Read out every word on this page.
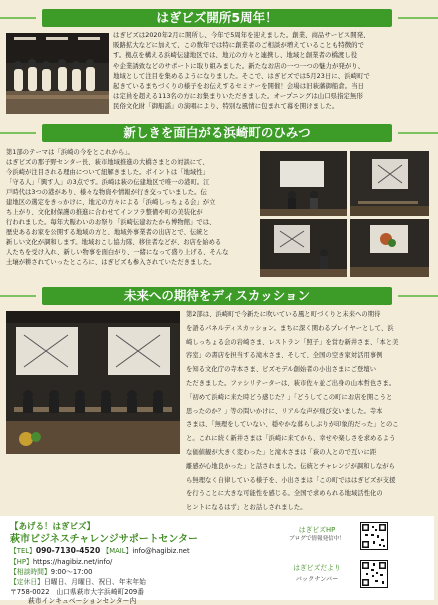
はぎビズ開所5周年！
はぎビズは2020年2月に開所し、今年で5周年を迎えました。創業、商品サービス開発、
販路拡大などに加えて、この数年では特に創業者のご相談が増えていることも特徴的で
す。拠点を構える浜崎伝建地区では、地元の方々と連携し、地域と創業者の橋渡し役
や企業誘致などのサポートに取り組みました。新たなお店の一つ一つの魅力が発がり、
地域として注目を集めるようになりました。そこで、はぎビズでは5月23日に、浜崎町で
起きているまちづくりの様子をお伝えするセミナーを開催！会場は旧萩藩御船倉。当日
は定員を超える113名の方にお集まりいただきました。オープニングは山口県指定無形
民俗文化財「御船謡」の演唱により、特別な風情に包まれて幕を開けました。
新しきを面白がる浜崎町のひみつ
第1部のテーマは「浜崎の今をとこれから」。
はぎビズの那子野センター長、萩市地域推進の大橋さまとの対談にて、
今浜崎が注目される理由について紐解きました。ポイントは「地域性」
「守る人」「興す人」の3点です。浜崎は萩の伝建地区で唯一の港町。江
戸時代は3つの港があり、様々な物資や情報が行き交っていました。伝
建地区の選定をきっかけに、地元の方々による「浜崎しっちょる会」が立
ち上がり、文化財保護の推進に合わせてインフラ整備や町の美装化が
行われました。毎年大賑わいのお祭り「浜崎伝建おたから博物館」では、
歴史あるお家を公開する地域の方と、地域外事業者の出店とで、伝統と
新しい文化が調和します。地域おこし協力隊、移住者などが、お店を始める
人たちを受け入れ、新しい物事を面白がり、一緒になって盛り上げる、そんな
土壌が耕されていったところに、はぎビズも参入されていただきました。
未来への期待をディスカッション
第2部は、浜崎町で今新たに吹いている風と町づくりと未来への期待
を語るパネルディスカッション。まちに深く関わるプレイヤーとして、浜
崎しっちょる会の岩崎さま、レストラン「照子」を営む新井さま、「本と美
容室」の書店を担当する滝木さま、そして、全国の空き家対活用事例
を知る文化庁の寺本さま、ビズモデル創始者の小出さまにご登壇い
ただきました。ファシリテーターは、萩市佐々並ご出身の山本哲也さま。
「初めて浜崎に来た時どう感じた？」「どうしてこの町にお店を開こうと
思ったのか？」等の問いかけに、リアルな声が飛び交いました。寺本
さまは、「無理をしていない、穏やかな暮らしぶりが印象的だった」とのこ
と。これに続く新井さまは「浜崎に来てから、幸せや楽しさを求めるよう
な価値観が大きく変わった」と滝木さまは「萩の人とので互いに距
離感が心地良かった」と話されました。伝統とチャレンジが調和しながら
ら無理なく自律している様子を、小出さまは「この町でははぎビズが支援
を行うことに大きな可能性を感じる。全国で求められる地域活性化の
ヒントになるはず」とお話しされました。
【あげる！はぎビズ】
萩市ビジネスチャレンジサポートセンター
【TEL】090-7130-4520 【MAIL】info@hagibiz.net
【HP】https://hagibiz.net/info/
【相談時間】9:00～17:00
【定休日】日曜日、月曜日、祝日、年末年始
〒758-0022　山口県萩市大字浜崎町209番
萩市インキュベーションセンター内
はぎビズHP
ブログで情報発信中！
はぎビズだより
バックナンバー
